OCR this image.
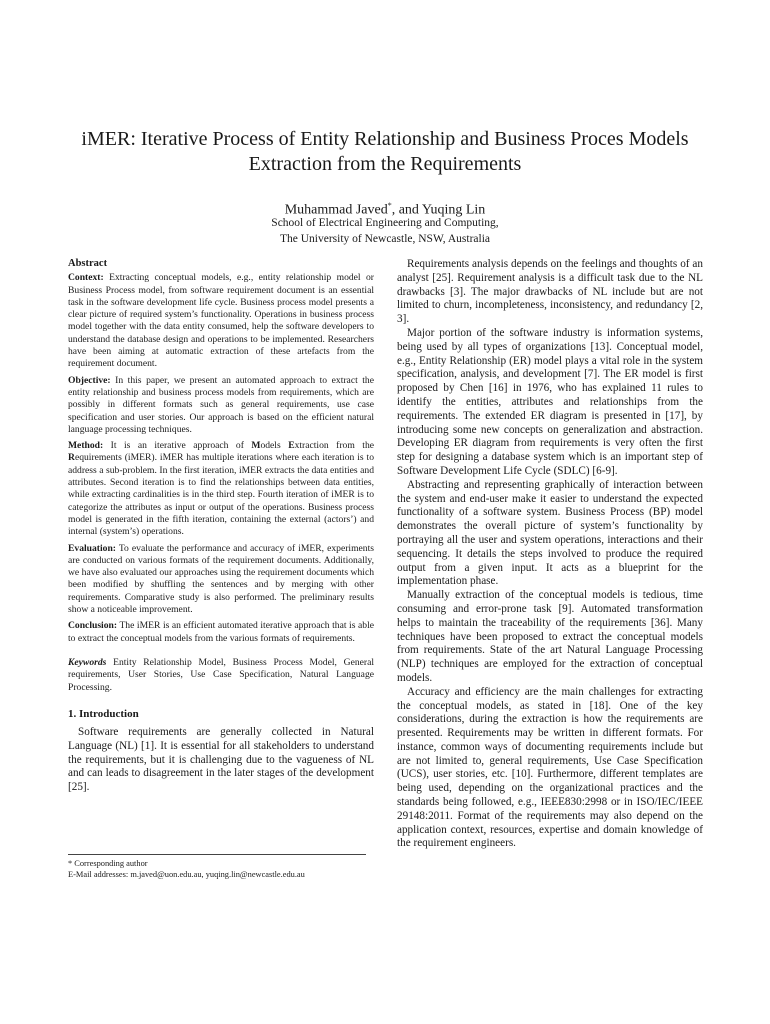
iMER: Iterative Process of Entity Relationship and Business Proces Models
Extraction from the Requirements
Muhammad Javed*, and Yuqing Lin
School of Electrical Engineering and Computing,
The University of Newcastle, NSW, Australia
Abstract

Context: Extracting conceptual models, e.g., entity relationship model or Business Process model, from software requirement document is an essential task in the software development life cycle. Business process model presents a clear picture of required system’s functionality. Operations in business process model together with the data entity consumed, help the software developers to understand the database design and operations to be implemented. Researchers have been aiming at automatic extraction of these artefacts from the requirement document.

Objective: In this paper, we present an automated approach to extract the entity relationship and business process models from requirements, which are possibly in different formats such as general requirements, use case specification and user stories. Our approach is based on the efficient natural language processing techniques.

Method: It is an iterative approach of Models Extraction from the Requirements (iMER). iMER has multiple iterations where each iteration is to address a sub-problem. In the first iteration, iMER extracts the data entities and attributes. Second iteration is to find the relationships between data entities, while extracting cardinalities is in the third step. Fourth iteration of iMER is to categorize the attributes as input or output of the operations. Business process model is generated in the fifth iteration, containing the external (actors’) and internal (system’s) operations.

Evaluation: To evaluate the performance and accuracy of iMER, experiments are conducted on various formats of the requirement documents. Additionally, we have also evaluated our approaches using the requirement documents which been modified by shuffling the sentences and by merging with other requirements. Comparative study is also performed. The preliminary results show a noticeable improvement.

Conclusion: The iMER is an efficient automated iterative approach that is able to extract the conceptual models from the various formats of requirements.

Keywords Entity Relationship Model, Business Process Model, General requirements, User Stories, Use Case Specification, Natural Language Processing.

1. Introduction
Software requirements are generally collected in Natural Language (NL) [1]. It is essential for all stakeholders to understand the requirements, but it is challenging due to the vagueness of NL and can leads to disagreement in the later stages of the development [25].
* Corresponding author
E-Mail addresses: m.javed@uon.edu.au, yuqing.lin@newcastle.edu.au

Requirements analysis depends on the feelings and thoughts of an analyst [25]. Requirement analysis is a difficult task due to the NL drawbacks [3]. The major drawbacks of NL include but are not limited to churn, incompleteness, inconsistency, and redundancy [2, 3].

Major portion of the software industry is information systems, being used by all types of organizations [13]. Conceptual model, e.g., Entity Relationship (ER) model plays a vital role in the system specification, analysis, and development [7]. The ER model is first proposed by Chen [16] in 1976, who has explained 11 rules to identify the entities, attributes and relationships from the requirements. The extended ER diagram is presented in [17], by introducing some new concepts on generalization and abstraction. Developing ER diagram from requirements is very often the first step for designing a database system which is an important step of Software Development Life Cycle (SDLC) [6-9].

Abstracting and representing graphically of interaction between the system and end-user make it easier to understand the expected functionality of a software system. Business Process (BP) model demonstrates the overall picture of system’s functionality by portraying all the user and system operations, interactions and their sequencing. It details the steps involved to produce the required output from a given input. It acts as a blueprint for the implementation phase.

Manually extraction of the conceptual models is tedious, time consuming and error-prone task [9]. Automated transformation helps to maintain the traceability of the requirements [36]. Many techniques have been proposed to extract the conceptual models from requirements. State of the art Natural Language Processing (NLP) techniques are employed for the extraction of conceptual models.

Accuracy and efficiency are the main challenges for extracting the conceptual models, as stated in [18]. One of the key considerations, during the extraction is how the requirements are presented. Requirements may be written in different formats. For instance, common ways of documenting requirements include but are not limited to, general requirements, Use Case Specification (UCS), user stories, etc. [10]. Furthermore, different templates are being used, depending on the organizational practices and the standards being followed, e.g., IEEE830:2998 or in ISO/IEC/IEEE 29148:2011. Format of the requirements may also depend on the application context, resources, expertise and domain knowledge of the requirement engineers.
